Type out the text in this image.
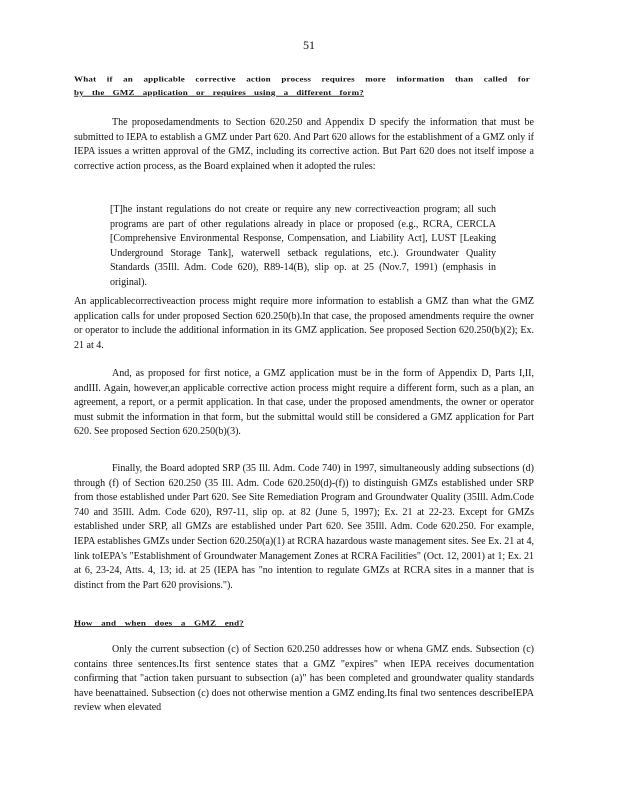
51
What if an applicable corrective action process requires more information than called for
by the GMZ application or requires using a different form?
The proposedamendments to Section 620.250 and Appendix D specify the information that must be submitted to IEPA to establish a GMZ under Part 620. And Part 620 allows for the establishment of a GMZ only if IEPA issues a written approval of the GMZ, including its corrective action. But Part 620 does not itself impose a corrective action process, as the Board explained when it adopted the rules:
[T]he instant regulations do not create or require any new correctiveaction program; all such programs are part of other regulations already in place or proposed (e.g., RCRA, CERCLA [Comprehensive Environmental Response, Compensation, and Liability Act], LUST [Leaking Underground Storage Tank], waterwell setback regulations, etc.). Groundwater Quality Standards (35Ill. Adm. Code 620), R89-14(B), slip op. at 25 (Nov.7, 1991) (emphasis in original).
An applicablecorrectiveaction process might require more information to establish a GMZ than what the GMZ application calls for under proposed Section 620.250(b).In that case, the proposed amendments require the owner or operator to include the additional information in its GMZ application. See proposed Section 620.250(b)(2); Ex. 21 at 4.
And, as proposed for first notice, a GMZ application must be in the form of Appendix D, Parts I,II, andIII. Again, however,an applicable corrective action process might require a different form, such as a plan, an agreement, a report, or a permit application. In that case, under the proposed amendments, the owner or operator must submit the information in that form, but the submittal would still be considered a GMZ application for Part 620. See proposed Section 620.250(b)(3).
Finally, the Board adopted SRP (35 Ill. Adm. Code 740) in 1997, simultaneously adding subsections (d) through (f) of Section 620.250 (35 Ill. Adm. Code 620.250(d)-(f)) to distinguish GMZs established under SRP from those established under Part 620. See Site Remediation Program and Groundwater Quality (35Ill. Adm.Code 740 and 35Ill. Adm. Code 620), R97-11, slip op. at 82 (June 5, 1997); Ex. 21 at 22-23. Except for GMZs established under SRP, all GMZs are established under Part 620. See 35Ill. Adm. Code 620.250. For example, IEPA establishes GMZs under Section 620.250(a)(1) at RCRA hazardous waste management sites. See Ex. 21 at 4, link toIEPA's "Establishment of Groundwater Management Zones at RCRA Facilities" (Oct. 12, 2001) at 1; Ex. 21 at 6, 23-24, Atts. 4, 13; id. at 25 (IEPA has "no intention to regulate GMZs at RCRA sites in a manner that is distinct from the Part 620 provisions.").
How and when does a GMZ end?
Only the current subsection (c) of Section 620.250 addresses how or whena GMZ ends. Subsection (c) contains three sentences.Its first sentence states that a GMZ "expires" when IEPA receives documentation confirming that "action taken pursuant to subsection (a)" has been completed and groundwater quality standards have beenattained. Subsection (c) does not otherwise mention a GMZ ending.Its final two sentences describeIEPA review when elevated
